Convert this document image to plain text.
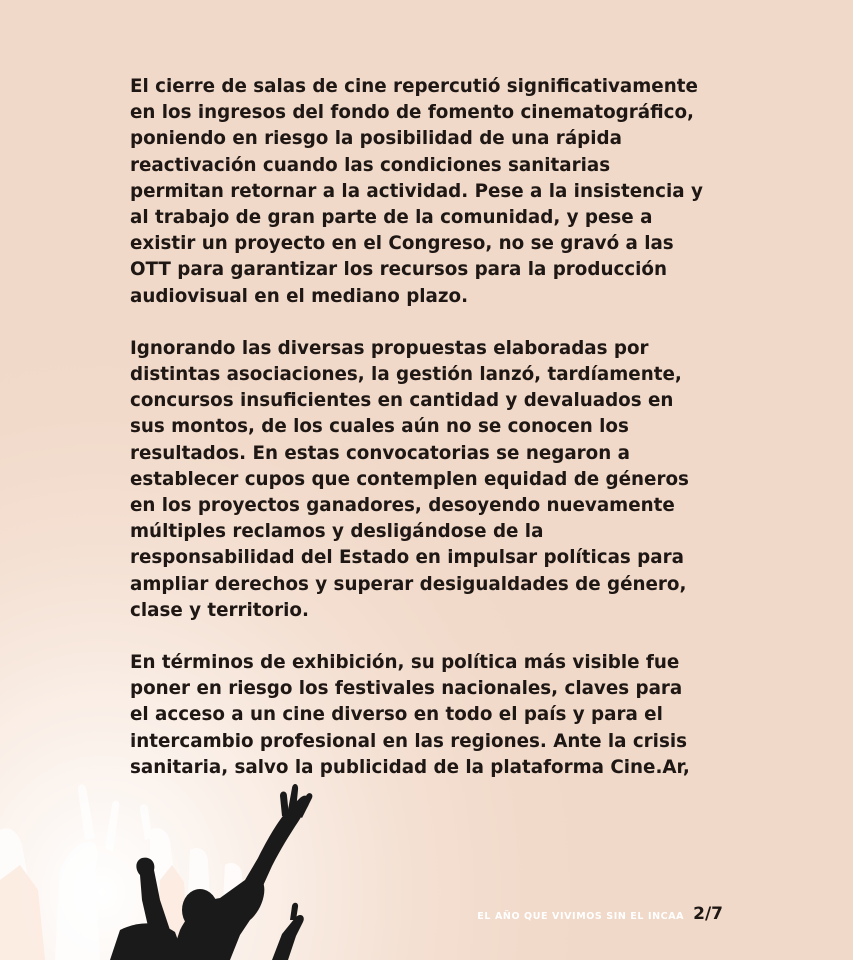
El cierre de salas de cine repercutió significativamente
en los ingresos del fondo de fomento cinematográfico,
poniendo en riesgo la posibilidad de una rápida
reactivación cuando las condiciones sanitarias
permitan retornar a la actividad. Pese a la insistencia y
al trabajo de gran parte de la comunidad, y pese a
existir un proyecto en el Congreso, no se gravó a las
OTT para garantizar los recursos para la producción
audiovisual en el mediano plazo.

Ignorando las diversas propuestas elaboradas por
distintas asociaciones, la gestión lanzó, tardíamente,
concursos insuficientes en cantidad y devaluados en
sus montos, de los cuales aún no se conocen los
resultados. En estas convocatorias se negaron a
establecer cupos que contemplen equidad de géneros
en los proyectos ganadores, desoyendo nuevamente
múltiples reclamos y desligándose de la
responsabilidad del Estado en impulsar políticas para
ampliar derechos y superar desigualdades de género,
clase y territorio.

En términos de exhibición, su política más visible fue
poner en riesgo los festivales nacionales, claves para
el acceso a un cine diverso en todo el país y para el
intercambio profesional en las regiones. Ante la crisis
sanitaria, salvo la publicidad de la plataforma Cine.Ar,

EL AÑO QUE VIVIMOS SIN EL INCAA 2/7
